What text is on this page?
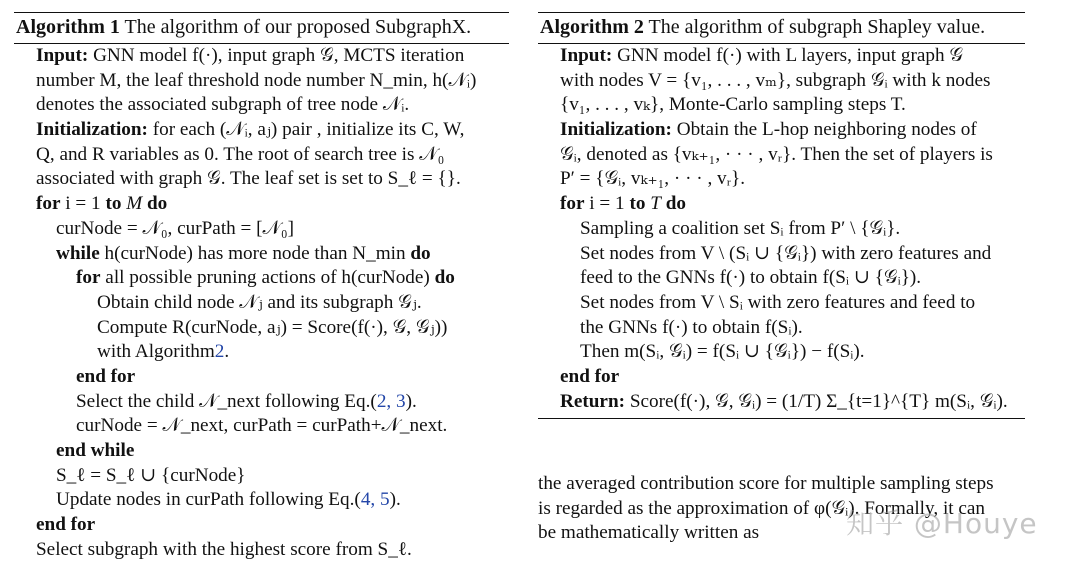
Algorithm 1 The algorithm of our proposed SubgraphX.
Input: GNN model f(·), input graph 𝒢, MCTS iteration
number M, the leaf threshold node number N_min, h(𝒩ᵢ)
denotes the associated subgraph of tree node 𝒩ᵢ.
Initialization: for each (𝒩ᵢ, aⱼ) pair , initialize its C, W,
Q, and R variables as 0. The root of search tree is 𝒩₀
associated with graph 𝒢. The leaf set is set to S_ℓ = {}.
for i = 1 to M do
curNode = 𝒩₀, curPath = [𝒩₀]
while h(curNode) has more node than N_min do
for all possible pruning actions of h(curNode) do
Obtain child node 𝒩ⱼ and its subgraph 𝒢ⱼ.
Compute R(curNode, aⱼ) = Score(f(·), 𝒢, 𝒢ⱼ))
with Algorithm2.
end for
Select the child 𝒩_next following Eq.(2, 3).
curNode = 𝒩_next, curPath = curPath+𝒩_next.
end while
S_ℓ = S_ℓ ∪ {curNode}
Update nodes in curPath following Eq.(4, 5).
end for
Select subgraph with the highest score from S_ℓ.
Algorithm 2 The algorithm of subgraph Shapley value.
Input: GNN model f(·) with L layers, input graph 𝒢
with nodes V = {v₁, . . . , vₘ}, subgraph 𝒢ᵢ with k nodes
{v₁, . . . , vₖ}, Monte-Carlo sampling steps T.
Initialization: Obtain the L-hop neighboring nodes of
𝒢ᵢ, denoted as {vₖ₊₁, · · · , vᵣ}. Then the set of players is
P′ = {𝒢ᵢ, vₖ₊₁, · · · , vᵣ}.
for i = 1 to T do
Sampling a coalition set Sᵢ from P′ \ {𝒢ᵢ}.
Set nodes from V \ (Sᵢ ∪ {𝒢ᵢ}) with zero features and
feed to the GNNs f(·) to obtain f(Sᵢ ∪ {𝒢ᵢ}).
Set nodes from V \ Sᵢ with zero features and feed to
the GNNs f(·) to obtain f(Sᵢ).
Then m(Sᵢ, 𝒢ᵢ) = f(Sᵢ ∪ {𝒢ᵢ}) − f(Sᵢ).
end for
Return: Score(f(·), 𝒢, 𝒢ᵢ) = (1/T) Σ_{t=1}^{T} m(Sᵢ, 𝒢ᵢ).
the averaged contribution score for multiple sampling steps
is regarded as the approximation of φ(𝒢ᵢ). Formally, it can
be mathematically written as	知乎 @Houye
